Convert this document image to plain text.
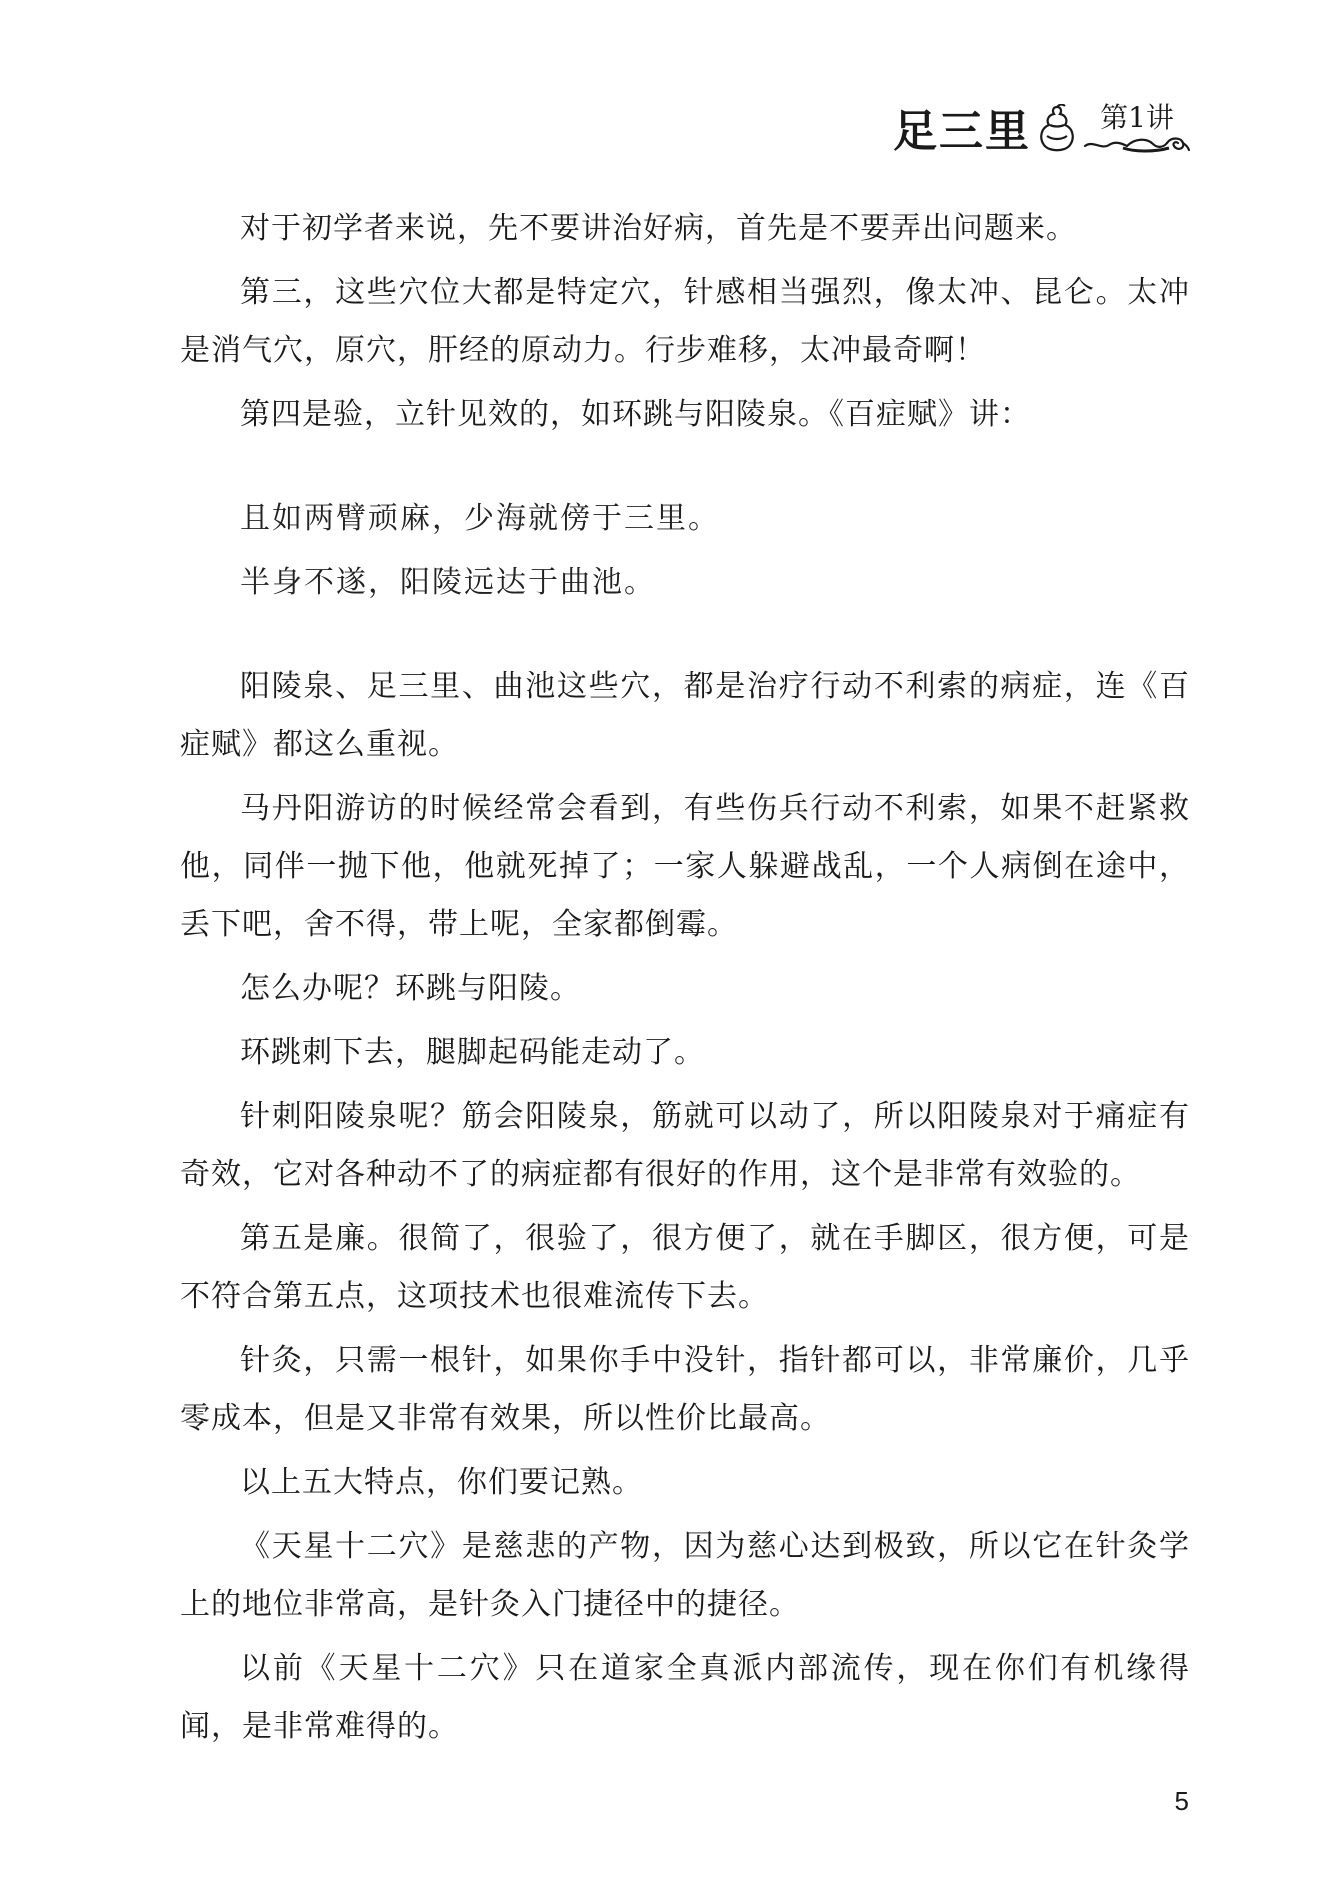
足三里 第1讲

对于初学者来说，先不要讲治好病，首先是不要弄出问题来。

第三，这些穴位大都是特定穴，针感相当强烈，像太冲、昆仑。太冲是消气穴，原穴，肝经的原动力。行步难移，太冲最奇啊！

第四是验，立针见效的，如环跳与阳陵泉。《百症赋》讲：

且如两臂顽麻，少海就傍于三里。

半身不遂，阳陵远达于曲池。

阳陵泉、足三里、曲池这些穴，都是治疗行动不利索的病症，连《百症赋》都这么重视。

马丹阳游访的时候经常会看到，有些伤兵行动不利索，如果不赶紧救他，同伴一抛下他，他就死掉了；一家人躲避战乱，一个人病倒在途中，丢下吧，舍不得，带上呢，全家都倒霉。

怎么办呢？环跳与阳陵。

环跳刺下去，腿脚起码能走动了。

针刺阳陵泉呢？筋会阳陵泉，筋就可以动了，所以阳陵泉对于痛症有奇效，它对各种动不了的病症都有很好的作用，这个是非常有效验的。

第五是廉。很简了，很验了，很方便了，就在手脚区，很方便，可是不符合第五点，这项技术也很难流传下去。

针灸，只需一根针，如果你手中没针，指针都可以，非常廉价，几乎零成本，但是又非常有效果，所以性价比最高。

以上五大特点，你们要记熟。

《天星十二穴》是慈悲的产物，因为慈心达到极致，所以它在针灸学上的地位非常高，是针灸入门捷径中的捷径。

以前《天星十二穴》只在道家全真派内部流传，现在你们有机缘得闻，是非常难得的。

5
